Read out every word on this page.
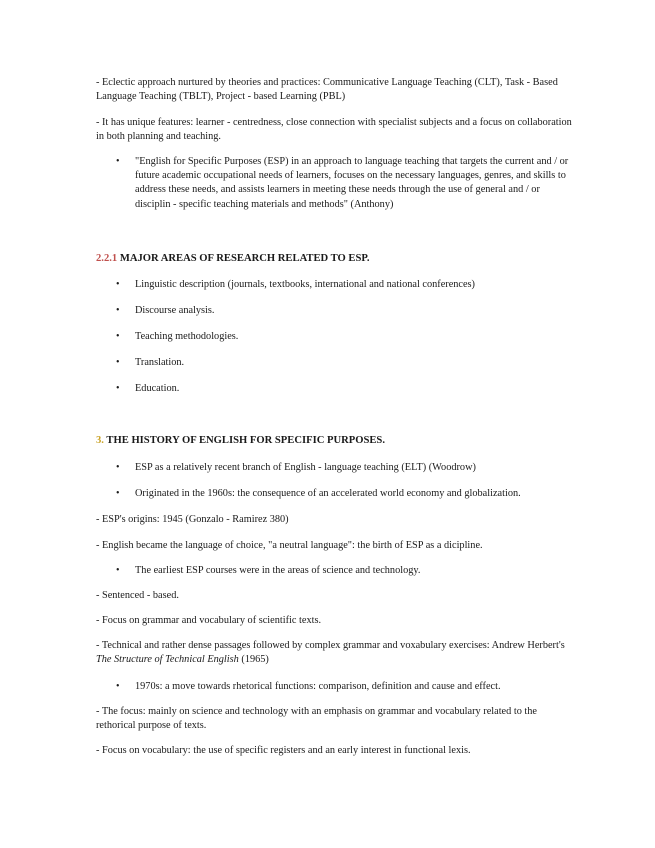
- Eclectic approach nurtured by theories and practices: Communicative Language Teaching (CLT), Task - Based Language Teaching (TBLT), Project - based Learning (PBL)

- It has unique features: learner - centredness, close connection with specialist subjects and a focus on collaboration in both planning and teaching.

• "English for Specific Purposes (ESP) in an approach to language teaching that targets the current and / or future academic occupational needs of learners, focuses on the necessary languages, genres, and skills to address these needs, and assists learners in meeting these needs through the use of general and / or disciplin - specific teaching materials and methods" (Anthony)

2.2.1 MAJOR AREAS OF RESEARCH RELATED TO ESP.
• Linguistic description (journals, textbooks, international and national conferences)

• Discourse analysis.

• Teaching methodologies.

• Translation.

• Education.

3. THE HISTORY OF ENGLISH FOR SPECIFIC PURPOSES.
• ESP as a relatively recent branch of English - language teaching (ELT) (Woodrow)

• Originated in the 1960s: the consequence of an accelerated world economy and globalization.

- ESP's origins: 1945 (Gonzalo - Ramirez 380)

- English became the language of choice, "a neutral language": the birth of ESP as a dicipline.

• The earliest ESP courses were in the areas of science and technology.

- Sentenced - based.

- Focus on grammar and vocabulary of scientific texts.

- Technical and rather dense passages followed by complex grammar and voxabulary exercises: Andrew Herbert's The Structure of Technical English (1965)

• 1970s: a move towards rhetorical functions: comparison, definition and cause and effect.

- The focus: mainly on science and technology with an emphasis on grammar and vocabulary related to the rethorical purpose of texts.

- Focus on vocabulary: the use of specific registers and an early interest in functional lexis.
